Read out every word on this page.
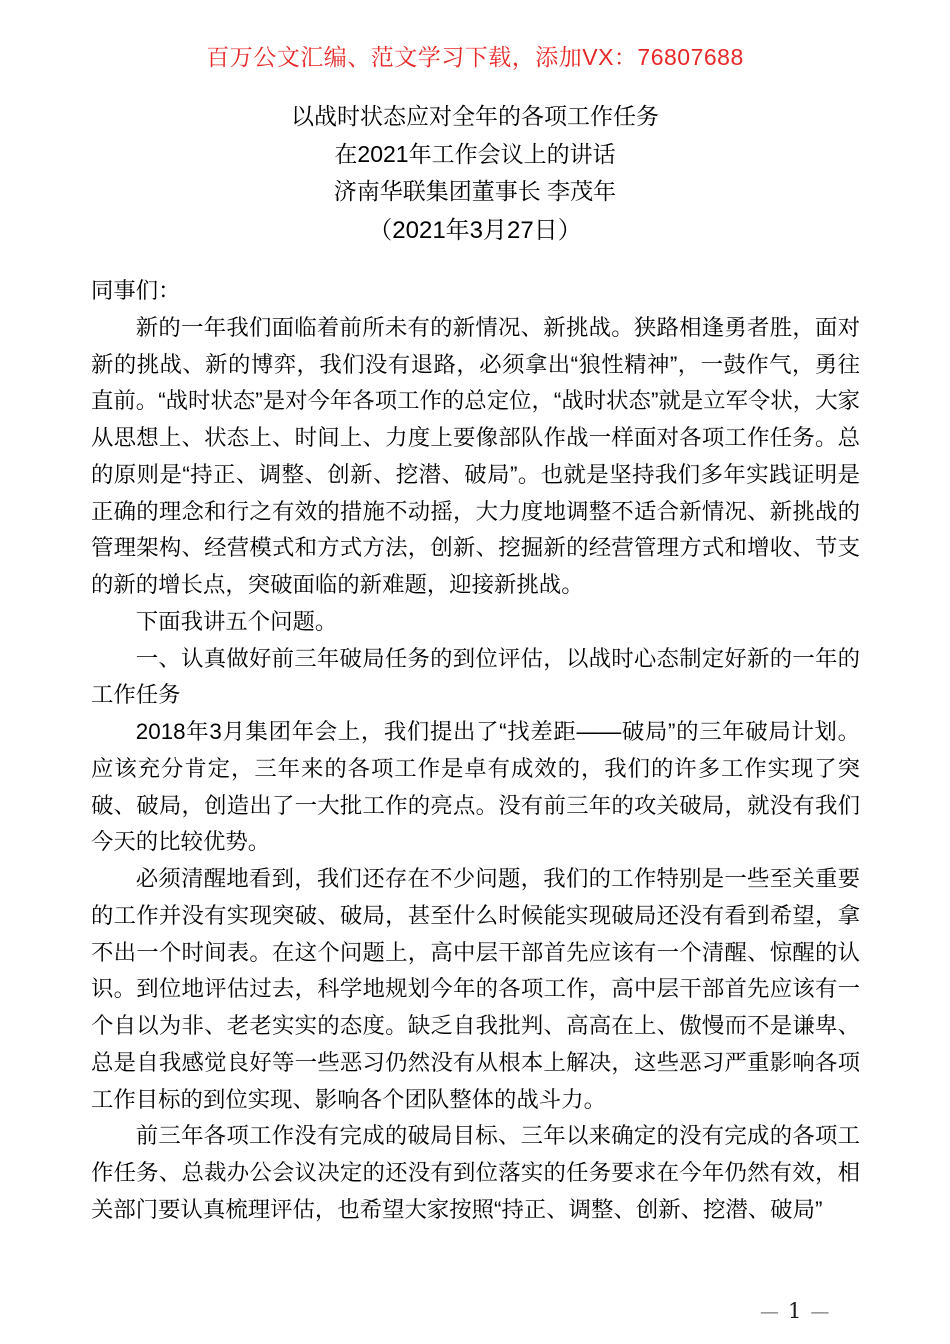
百万公文汇编、范文学习下载，添加VX：76807688
以战时状态应对全年的各项工作任务
在2021年工作会议上的讲话
济南华联集团董事长 李茂年
（2021年3月27日）

同事们：

新的一年我们面临着前所未有的新情况、新挑战。狭路相逢勇者胜，面对新的挑战、新的博弈，我们没有退路，必须拿出“狼性精神”，一鼓作气，勇往直前。“战时状态”是对今年各项工作的总定位，“战时状态”就是立军令状，大家从思想上、状态上、时间上、力度上要像部队作战一样面对各项工作任务。总的原则是“持正、调整、创新、挖潜、破局”。也就是坚持我们多年实践证明是正确的理念和行之有效的措施不动摇，大力度地调整不适合新情况、新挑战的管理架构、经营模式和方式方法，创新、挖掘新的经营管理方式和增收、节支的新的增长点，突破面临的新难题，迎接新挑战。

下面我讲五个问题。

一、认真做好前三年破局任务的到位评估，以战时心态制定好新的一年的工作任务

2018年3月集团年会上，我们提出了“找差距——破局”的三年破局计划。应该充分肯定，三年来的各项工作是卓有成效的，我们的许多工作实现了突破、破局，创造出了一大批工作的亮点。没有前三年的攻关破局，就没有我们今天的比较优势。

必须清醒地看到，我们还存在不少问题，我们的工作特别是一些至关重要的工作并没有实现突破、破局，甚至什么时候能实现破局还没有看到希望，拿不出一个时间表。在这个问题上，高中层干部首先应该有一个清醒、惊醒的认识。到位地评估过去，科学地规划今年的各项工作，高中层干部首先应该有一个自以为非、老老实实的态度。缺乏自我批判、高高在上、傲慢而不是谦卑、总是自我感觉良好等一些恶习仍然没有从根本上解决，这些恶习严重影响各项工作目标的到位实现、影响各个团队整体的战斗力。

前三年各项工作没有完成的破局目标、三年以来确定的没有完成的各项工作任务、总裁办公会议决定的还没有到位落实的任务要求在今年仍然有效，相关部门要认真梳理评估，也希望大家按照“持正、调整、创新、挖潜、破局”

— 1 —
